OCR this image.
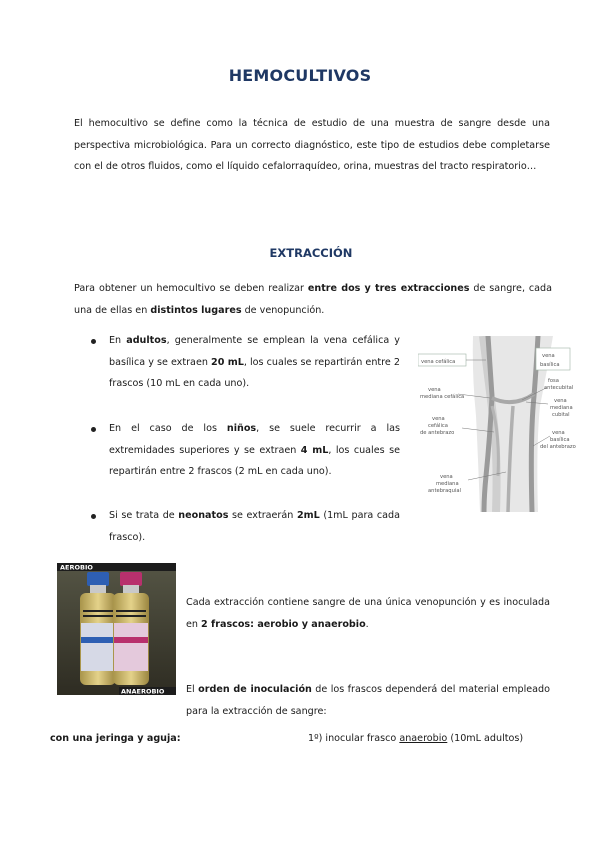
HEMOCULTIVOS
El hemocultivo se define como la técnica de estudio de una muestra de sangre desde una perspectiva microbiológica. Para un correcto diagnóstico, este tipo de estudios debe completarse con el de otros fluidos, como el líquido cefalorraquídeo, orina, muestras del tracto respiratorio…
EXTRACCIÓN
Para obtener un hemocultivo se deben realizar entre dos y tres extracciones de sangre, cada una de ellas en distintos lugares de venopunción.
En adultos, generalmente se emplean la vena cefálica y basílica y se extraen 20 mL, los cuales se repartirán entre 2 frascos (10 mL en cada uno).
En el caso de los niños, se suele recurrir a las extremidades superiores y se extraen 4 mL, los cuales se repartirán entre 2 frascos (2 mL en cada uno).
Si se trata de neonatos se extraerán 2mL (1mL para cada frasco).
vena cefálica
vena
basílica
fosa
antecubital
vena
mediana cefálica
vena
mediana
cubital
vena
cefálica
de antebrazo	vena
basílica
del antebrazo
vena
mediana
antebraquial
AEROBIO
ANAEROBIO
Cada extracción contiene sangre de una única venopunción y es inoculada en 2 frascos: aerobio y anaerobio.
El orden de inoculación de los frascos dependerá del material empleado para la extracción de sangre:
con una jeringa y aguja:	1º) inocular frasco anaerobio (10mL adultos)
